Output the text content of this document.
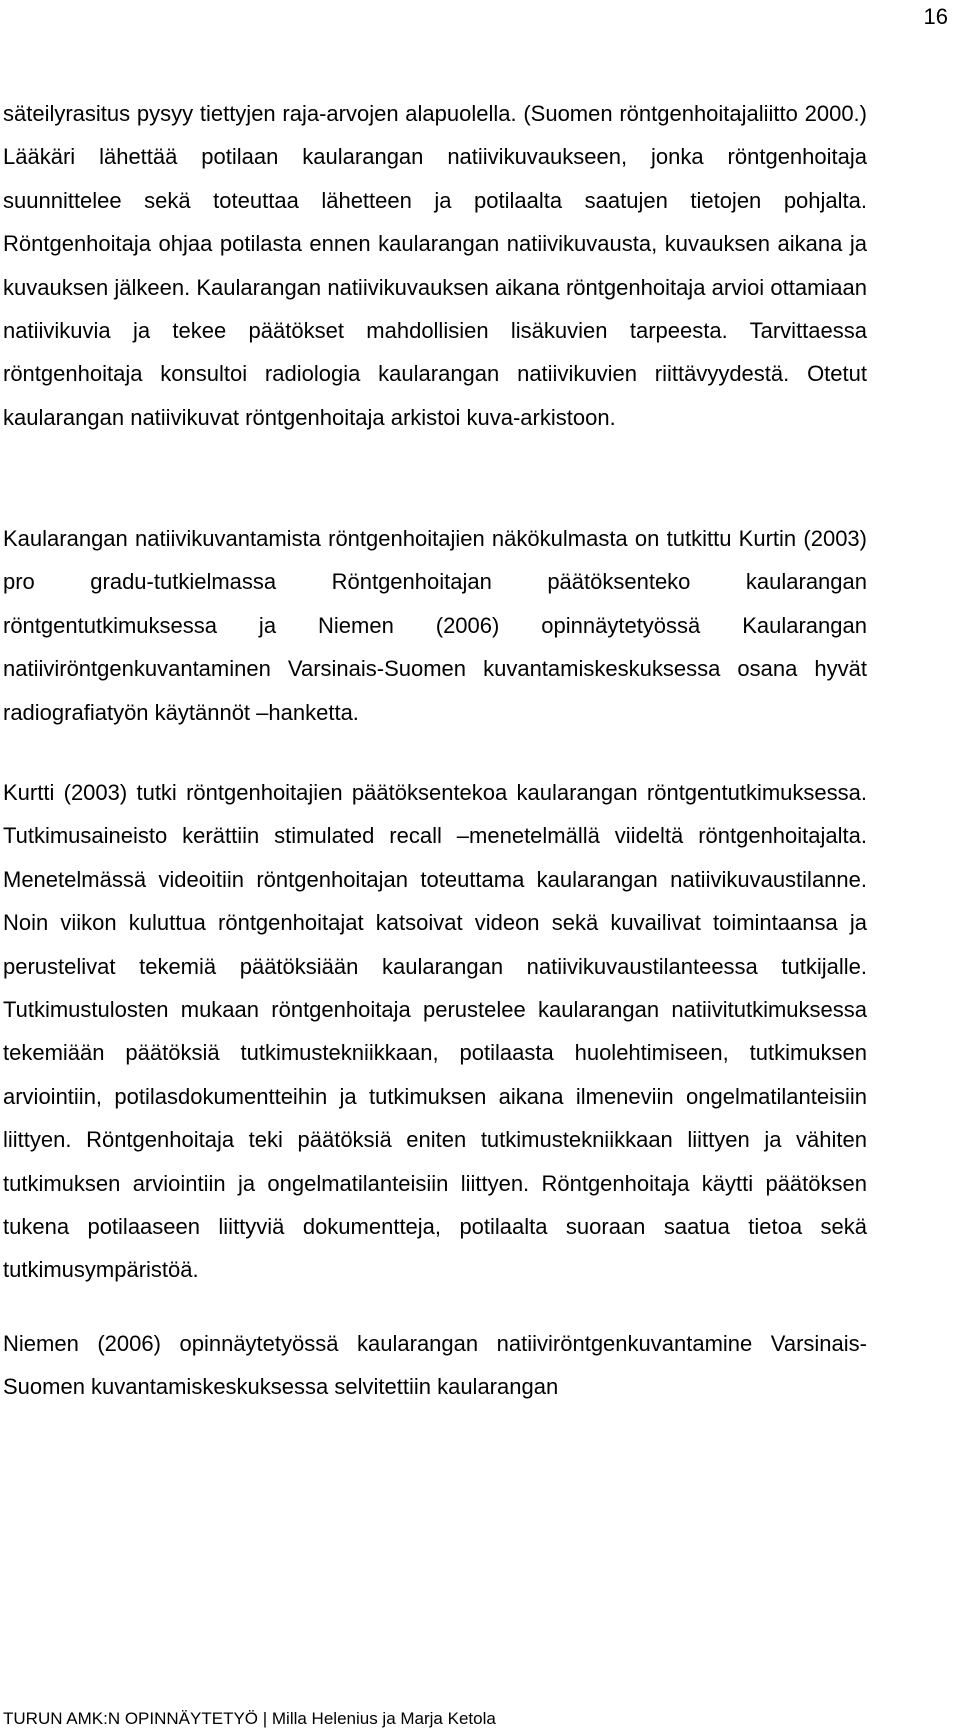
16

säteilyrasitus pysyy tiettyjen raja-arvojen alapuolella. (Suomen röntgenhoitajaliitto 2000.) Lääkäri lähettää potilaan kaularangan natiivikuvaukseen, jonka röntgenhoitaja suunnittelee sekä toteuttaa lähetteen ja potilaalta saatujen tietojen pohjalta. Röntgenhoitaja ohjaa potilasta ennen kaularangan natiivikuvausta, kuvauksen aikana ja kuvauksen jälkeen. Kaularangan natiivikuvauksen aikana röntgenhoitaja arvioi ottamiaan natiivikuvia ja tekee päätökset mahdollisien lisäkuvien tarpeesta. Tarvittaessa röntgenhoitaja konsultoi radiologia kaularangan natiivikuvien riittävyydestä. Otetut kaularangan natiivikuvat röntgenhoitaja arkistoi kuva-arkistoon.

Kaularangan natiivikuvantamista röntgenhoitajien näkökulmasta on tutkittu Kurtin (2003) pro gradu-tutkielmassa Röntgenhoitajan päätöksenteko kaularangan röntgentutkimuksessa ja Niemen (2006) opinnäytetyössä Kaularangan natiiviröntgenkuvantaminen Varsinais-Suomen kuvantamiskeskuksessa osana hyvät radiografiatyön käytännöt –hanketta.

Kurtti (2003) tutki röntgenhoitajien päätöksentekoa kaularangan röntgentutkimuksessa. Tutkimusaineisto kerättiin stimulated recall –menetelmällä viideltä röntgenhoitajalta. Menetelmässä videoitiin röntgenhoitajan toteuttama kaularangan natiivikuvaustilanne. Noin viikon kuluttua röntgenhoitajat katsoivat videon sekä kuvailivat toimintaansa ja perustelivat tekemiä päätöksiään kaularangan natiivikuvaustilanteessa tutkijalle. Tutkimustulosten mukaan röntgenhoitaja perustelee kaularangan natiivitutkimuksessa tekemiään päätöksiä tutkimustekniikkaan, potilaasta huolehtimiseen, tutkimuksen arviointiin, potilasdokumentteihin ja tutkimuksen aikana ilmeneviin ongelmatilanteisiin liittyen. Röntgenhoitaja teki päätöksiä eniten tutkimustekniikkaan liittyen ja vähiten tutkimuksen arviointiin ja ongelmatilanteisiin liittyen. Röntgenhoitaja käytti päätöksen tukena potilaaseen liittyviä dokumentteja, potilaalta suoraan saatua tietoa sekä tutkimusympäristöä.

Niemen (2006) opinnäytetyössä kaularangan natiiviröntgenkuvantamine Varsinais-Suomen kuvantamiskeskuksessa selvitettiin kaularangan

TURUN AMK:N OPINNÄYTETYÖ | Milla Helenius ja Marja Ketola
